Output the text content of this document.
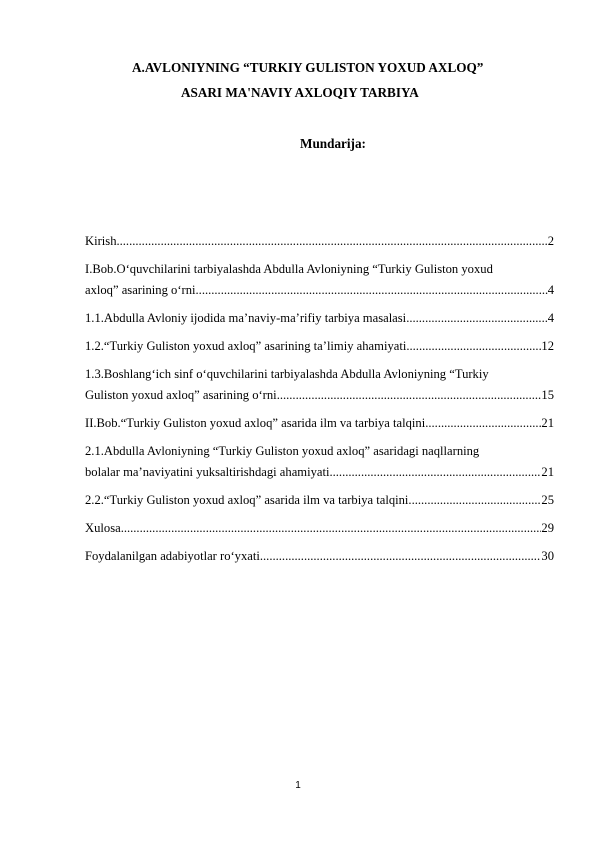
A.AVLONIYNING “TURKIY GULISTON YOXUD AXLOQ”
ASARI MA'NAVIY AXLOQIY TARBIYA
Mundarija:
Kirish .....	2
I.Bob.O‘quvchilarini tarbiyalashda Abdulla Avloniyning “Turkiy Guliston yoxud
axloq” asarining o‘rni .....	4
1.1.Abdulla Avloniy ijodida ma’naviy-ma’rifiy tarbiya masalasi .....	4
1.2.“Turkiy Guliston yoxud axloq” asarining ta’limiy ahamiyati .....	12
1.3.Boshlang‘ich sinf o‘quvchilarini tarbiyalashda Abdulla Avloniyning “Turkiy
Guliston yoxud axloq” asarining o‘rni .....	15
II.Bob.“Turkiy Guliston yoxud axloq” asarida ilm va tarbiya talqini .....	21
2.1.Abdulla Avloniyning “Turkiy Guliston yoxud axloq” asaridagi naqllarning
bolalar ma’naviyatini yuksaltirishdagi ahamiyati .....	21
2.2.“Turkiy Guliston yoxud axloq” asarida ilm va tarbiya talqini .....	25
Xulosa .....	29
Foydalanilgan adabiyotlar ro‘yxati .....	30
1
